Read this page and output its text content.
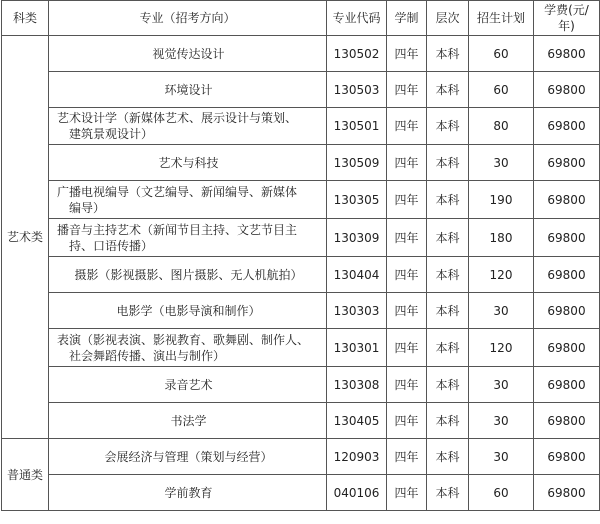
科类	专业（招考方向）	专业代码	学制	层次	招生计划	学费(元/年)
艺术类	视觉传达设计	130502	四年	本科	60	69800
	环境设计	130503	四年	本科	60	69800
	艺术设计学（新媒体艺术、展示设计与策划、
建筑景观设计）	130501	四年	本科	80	69800
	艺术与科技	130509	四年	本科	30	69800
	广播电视编导（文艺编导、新闻编导、新媒体
编导）	130305	四年	本科	190	69800
	播音与主持艺术（新闻节目主持、文艺节目主
持、口语传播）	130309	四年	本科	180	69800
	摄影（影视摄影、图片摄影、无人机航拍）	130404	四年	本科	120	69800
	电影学（电影导演和制作）	130303	四年	本科	30	69800
	表演（影视表演、影视教育、歌舞剧、制作人、
社会舞蹈传播、演出与制作）	130301	四年	本科	120	69800
	录音艺术	130308	四年	本科	30	69800
	书法学	130405	四年	本科	30	69800
普通类	会展经济与管理（策划与经营）	120903	四年	本科	30	69800
	学前教育	040106	四年	本科	60	69800
